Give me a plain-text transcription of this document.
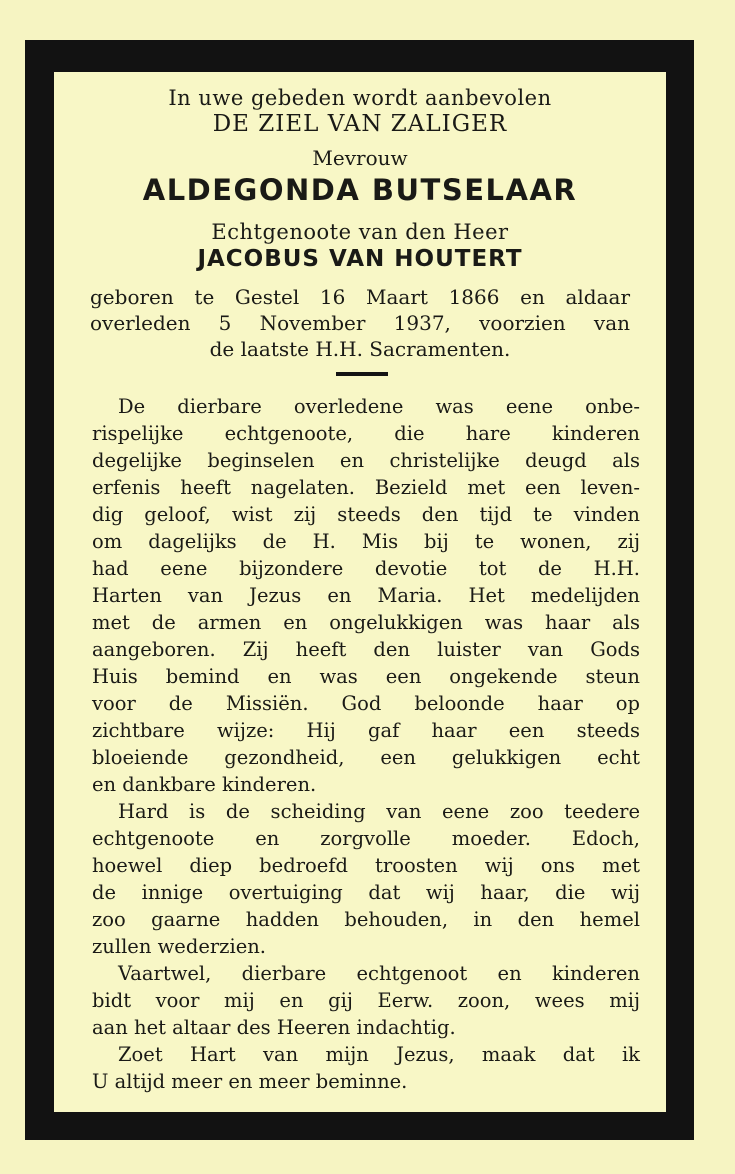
In uwe gebeden wordt aanbevolen
DE ZIEL VAN ZALIGER
Mevrouw
ALDEGONDA BUTSELAAR
Echtgenoote van den Heer
JACOBUS VAN HOUTERT
geboren te Gestel 16 Maart 1866 en aldaar
overleden 5 November 1937, voorzien van
de laatste H.H. Sacramenten.
De dierbare overledene was eene onbe-
rispelijke echtgenoote, die hare kinderen
degelijke beginselen en christelijke deugd als
erfenis heeft nagelaten. Bezield met een leven-
dig geloof, wist zij steeds den tijd te vinden
om dagelijks de H. Mis bij te wonen, zij
had eene bijzondere devotie tot de H.H.
Harten van Jezus en Maria. Het medelijden
met de armen en ongelukkigen was haar als
aangeboren. Zij heeft den luister van Gods
Huis bemind en was een ongekende steun
voor de Missiën. God beloonde haar op
zichtbare wijze: Hij gaf haar een steeds
bloeiende gezondheid, een gelukkigen echt
en dankbare kinderen.
Hard is de scheiding van eene zoo teedere
echtgenoote en zorgvolle moeder. Edoch,
hoewel diep bedroefd troosten wij ons met
de innige overtuiging dat wij haar, die wij
zoo gaarne hadden behouden, in den hemel
zullen wederzien.
Vaartwel, dierbare echtgenoot en kinderen
bidt voor mij en gij Eerw. zoon, wees mij
aan het altaar des Heeren indachtig.
Zoet Hart van mijn Jezus, maak dat ik
U altijd meer en meer beminne.
